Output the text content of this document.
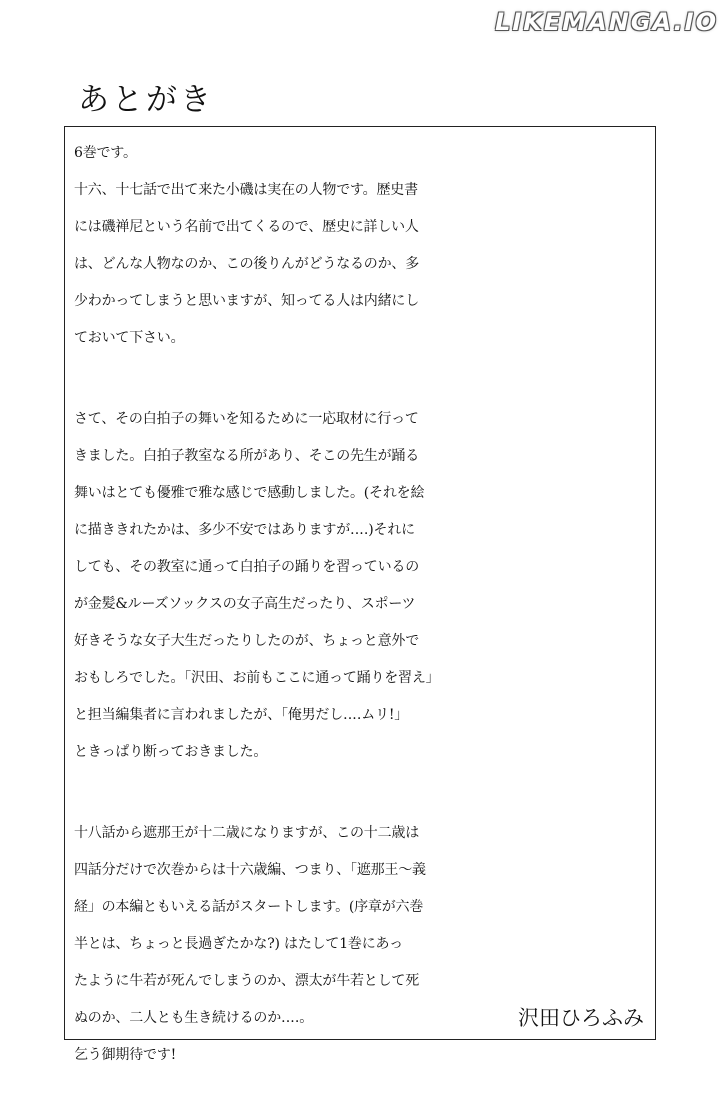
LIKEMANGA.IO
あとがき
6巻です。
十六、十七話で出て来た小磯は実在の人物です。歴史書
には磯禅尼という名前で出てくるので、歴史に詳しい人
は、どんな人物なのか、この後りんがどうなるのか、多
少わかってしまうと思いますが、知ってる人は内緒にし
ておいて下さい。
さて、その白拍子の舞いを知るために一応取材に行って
きました。白拍子教室なる所があり、そこの先生が踊る
舞いはとても優雅で雅な感じで感動しました。(それを絵
に描ききれたかは、多少不安ではありますが‥‥)それに
しても、その教室に通って白拍子の踊りを習っているの
が金髪&ルーズソックスの女子高生だったり、スポーツ
好きそうな女子大生だったりしたのが、ちょっと意外で
おもしろでした。「沢田、お前もここに通って踊りを習え」
と担当編集者に言われましたが、「俺男だし‥‥ムリ!」
ときっぱり断っておきました。
十八話から遮那王が十二歳になりますが、この十二歳は
四話分だけで次巻からは十六歳編、つまり、「遮那王〜義
経」の本編ともいえる話がスタートします。(序章が六巻
半とは、ちょっと長過ぎたかな?) はたして1巻にあっ
たように牛若が死んでしまうのか、漂太が牛若として死
ぬのか、二人とも生き続けるのか‥‥。
乞う御期待です!
沢田ひろふみ
